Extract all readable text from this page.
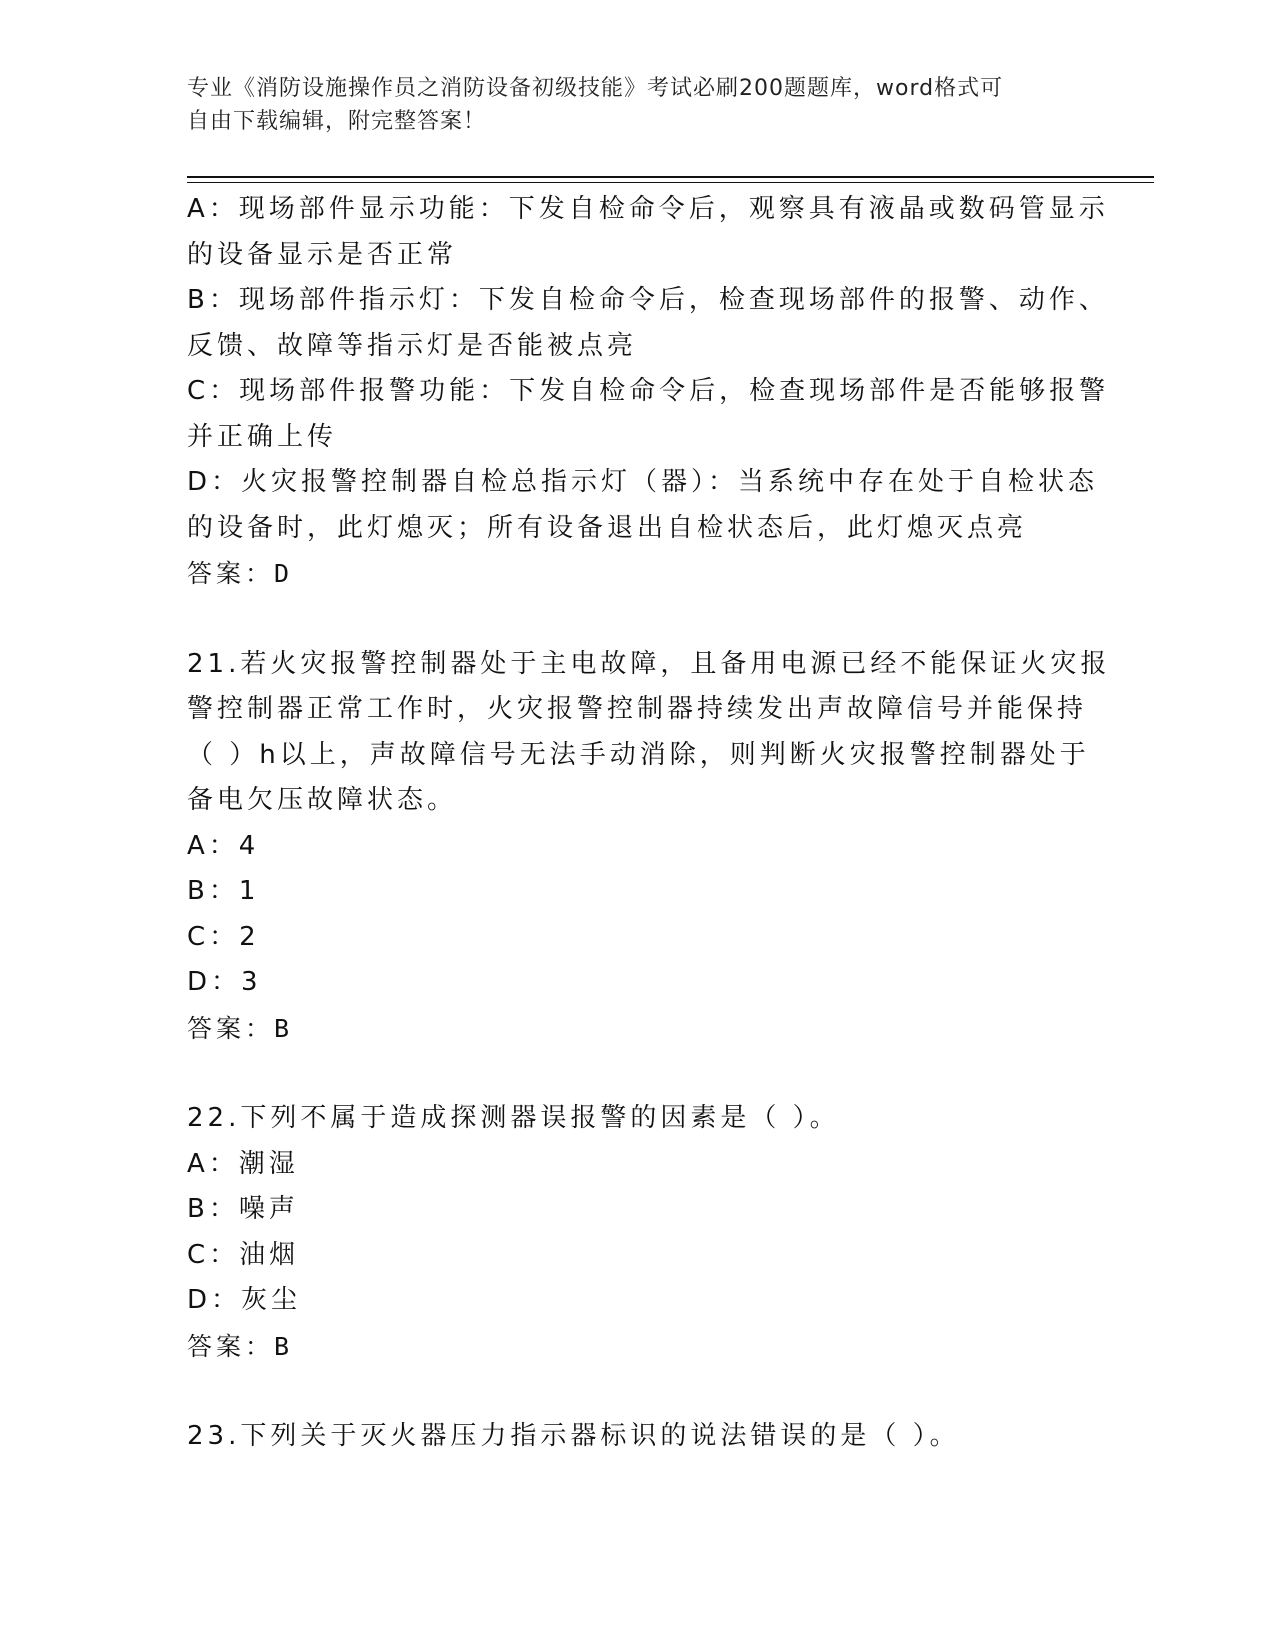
专业《消防设施操作员之消防设备初级技能》考试必刷200题题库，word格式可
自由下载编辑，附完整答案！
A：现场部件显示功能：下发自检命令后，观察具有液晶或数码管显示
的设备显示是否正常
B：现场部件指示灯：下发自检命令后，检查现场部件的报警、动作、
反馈、故障等指示灯是否能被点亮
C：现场部件报警功能：下发自检命令后，检查现场部件是否能够报警
并正确上传
D：火灾报警控制器自检总指示灯（器）：当系统中存在处于自检状态
的设备时，此灯熄灭；所有设备退出自检状态后，此灯熄灭点亮
答案：D
21.若火灾报警控制器处于主电故障，且备用电源已经不能保证火灾报
警控制器正常工作时，火灾报警控制器持续发出声故障信号并能保持
（ ）h以上，声故障信号无法手动消除，则判断火灾报警控制器处于
备电欠压故障状态。
A：4
B：1
C：2
D：3
答案：B
22.下列不属于造成探测器误报警的因素是（ ）。
A：潮湿
B：噪声
C：油烟
D：灰尘
答案：B
23.下列关于灭火器压力指示器标识的说法错误的是（ ）。
